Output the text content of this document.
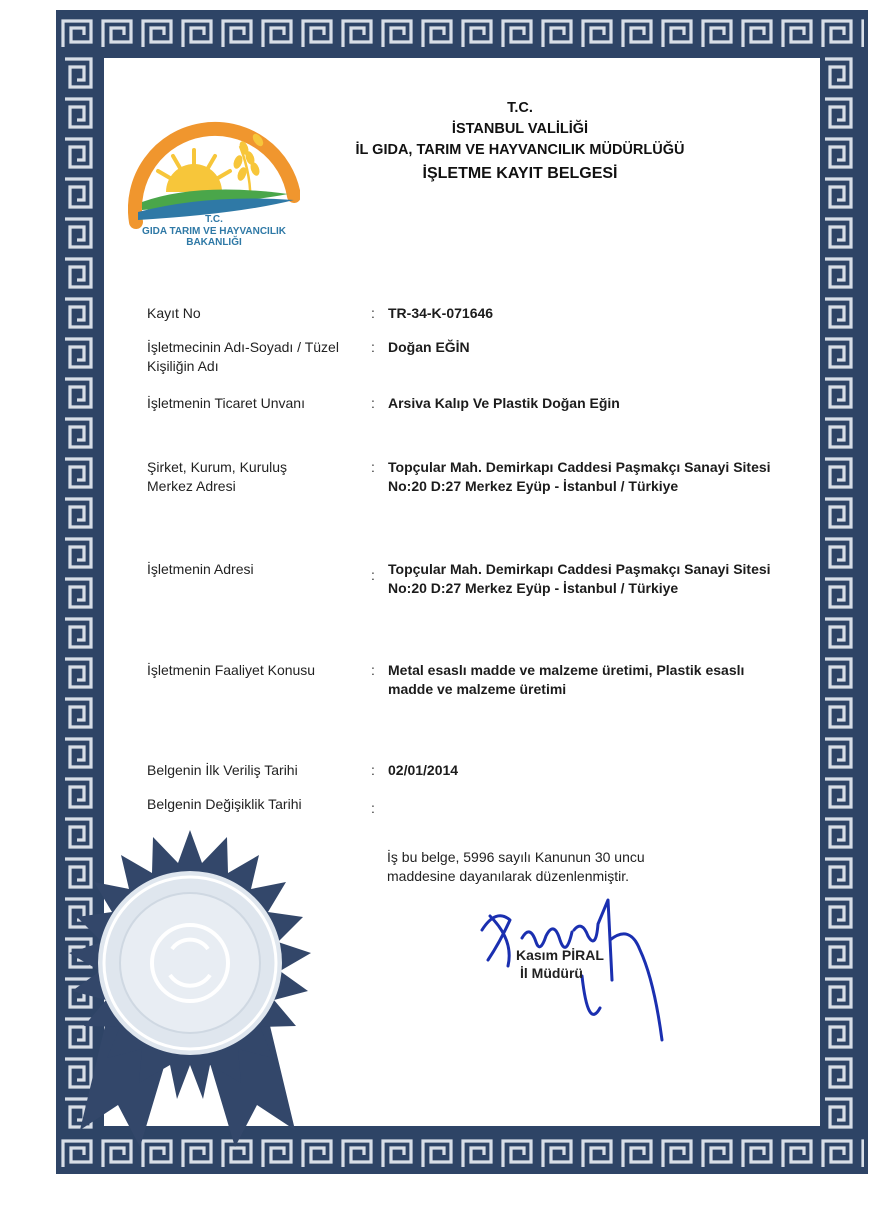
T.C.
GIDA TARIM VE HAYVANCILIK
BAKANLIĞI
T.C.
İSTANBUL VALİLİĞİ
İL GIDA, TARIM VE HAYVANCILIK MÜDÜRLÜĞÜ
İŞLETME KAYIT BELGESİ
Kayıt No	: TR-34-K-071646
İşletmecinin Adı-Soyadı / Tüzel Kişiliğin Adı
: Doğan EĞİN
İşletmenin Ticaret Unvanı	: Arsiva Kalıp Ve Plastik Doğan Eğin
Şirket, Kurum, Kuruluş Merkez Adresi
: Topçular Mah. Demirkapı Caddesi Paşmakçı Sanayi Sitesi No:20 D:27 Merkez Eyüp - İstanbul / Türkiye
İşletmenin Adresi	: Topçular Mah. Demirkapı Caddesi Paşmakçı Sanayi Sitesi No:20 D:27 Merkez Eyüp - İstanbul / Türkiye
İşletmenin Faaliyet Konusu	: Metal esaslı madde ve malzeme üretimi, Plastik esaslı madde ve malzeme üretimi
Belgenin İlk Veriliş Tarihi	: 02/01/2014
Belgenin Değişiklik Tarihi	:
İş bu belge, 5996 sayılı Kanunun 30 uncu maddesine dayanılarak düzenlenmiştir.
Kasım PİRAL
İl Müdürü
